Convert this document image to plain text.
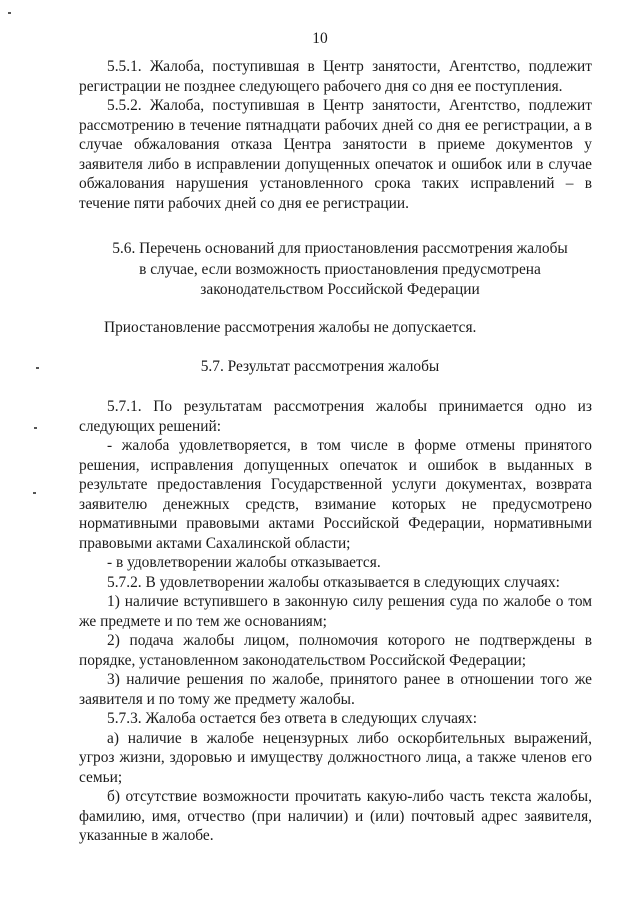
10

5.5.1. Жалоба, поступившая в Центр занятости, Агентство, подлежит регистрации не позднее следующего рабочего дня со дня ее поступления.

5.5.2. Жалоба, поступившая в Центр занятости, Агентство, подлежит рассмотрению в течение пятнадцати рабочих дней со дня ее регистрации, а в случае обжалования отказа Центра занятости в приеме документов у заявителя либо в исправлении допущенных опечаток и ошибок или в случае обжалования нарушения установленного срока таких исправлений – в течение пяти рабочих дней со дня ее регистрации.

5.6. Перечень оснований для приостановления рассмотрения жалобы в случае, если возможность приостановления предусмотрена законодательством Российской Федерации
Приостановление рассмотрения жалобы не допускается.
5.7. Результат рассмотрения жалобы

5.7.1. По результатам рассмотрения жалобы принимается одно из следующих решений:

- жалоба удовлетворяется, в том числе в форме отмены принятого решения, исправления допущенных опечаток и ошибок в выданных в результате предоставления Государственной услуги документах, возврата заявителю денежных средств, взимание которых не предусмотрено нормативными правовыми актами Российской Федерации, нормативными правовыми актами Сахалинской области;

- в удовлетворении жалобы отказывается.

5.7.2. В удовлетворении жалобы отказывается в следующих случаях:

1) наличие вступившего в законную силу решения суда по жалобе о том же предмете и по тем же основаниям;

2) подача жалобы лицом, полномочия которого не подтверждены в порядке, установленном законодательством Российской Федерации;

3) наличие решения по жалобе, принятого ранее в отношении того же заявителя и по тому же предмету жалобы.

5.7.3. Жалоба остается без ответа в следующих случаях:

а) наличие в жалобе нецензурных либо оскорбительных выражений, угроз жизни, здоровью и имуществу должностного лица, а также членов его семьи;

б) отсутствие возможности прочитать какую-либо часть текста жалобы, фамилию, имя, отчество (при наличии) и (или) почтовый адрес заявителя, указанные в жалобе.
